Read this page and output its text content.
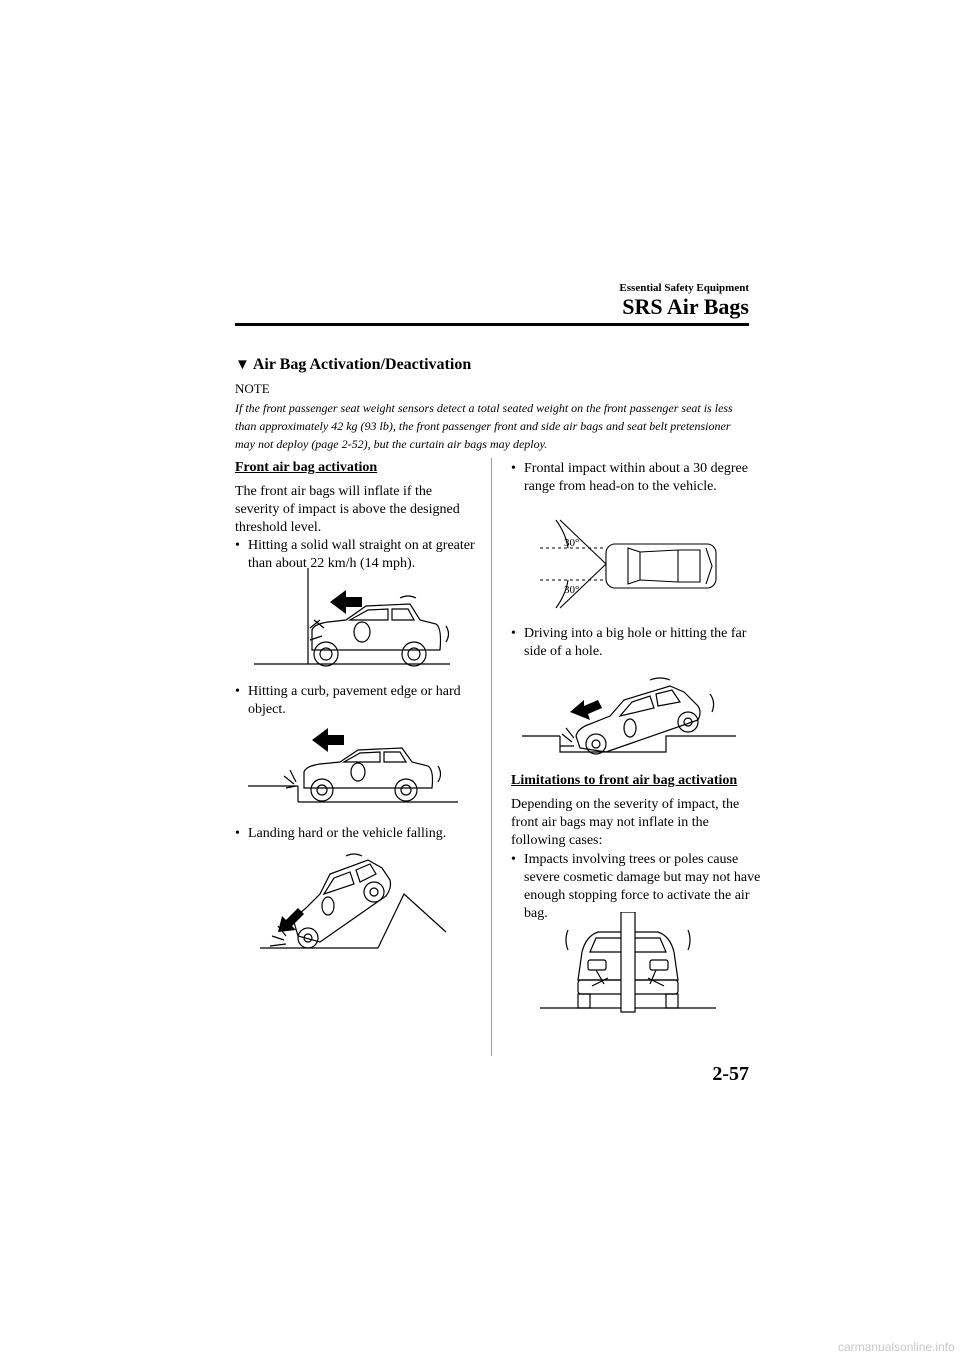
Essential Safety Equipment
SRS Air Bags
▼ Air Bag Activation/Deactivation
NOTE
If the front passenger seat weight sensors detect a total seated weight on the front passenger seat is less than approximately 42 kg (93 lb), the front passenger front and side air bags and seat belt pretensioner may not deploy (page 2-52), but the curtain air bags may deploy.
Front air bag activation
The front air bags will inflate if the severity of impact is above the designed threshold level.
• Hitting a solid wall straight on at greater than about 22 km/h (14 mph).
• Hitting a curb, pavement edge or hard object.
• Landing hard or the vehicle falling.
• Frontal impact within about a 30 degree range from head-on to the vehicle.
30°
30°
• Driving into a big hole or hitting the far side of a hole.
Limitations to front air bag activation
Depending on the severity of impact, the front air bags may not inflate in the following cases:
• Impacts involving trees or poles cause severe cosmetic damage but may not have enough stopping force to activate the air bag.
2-57
carmanualsonline.info
